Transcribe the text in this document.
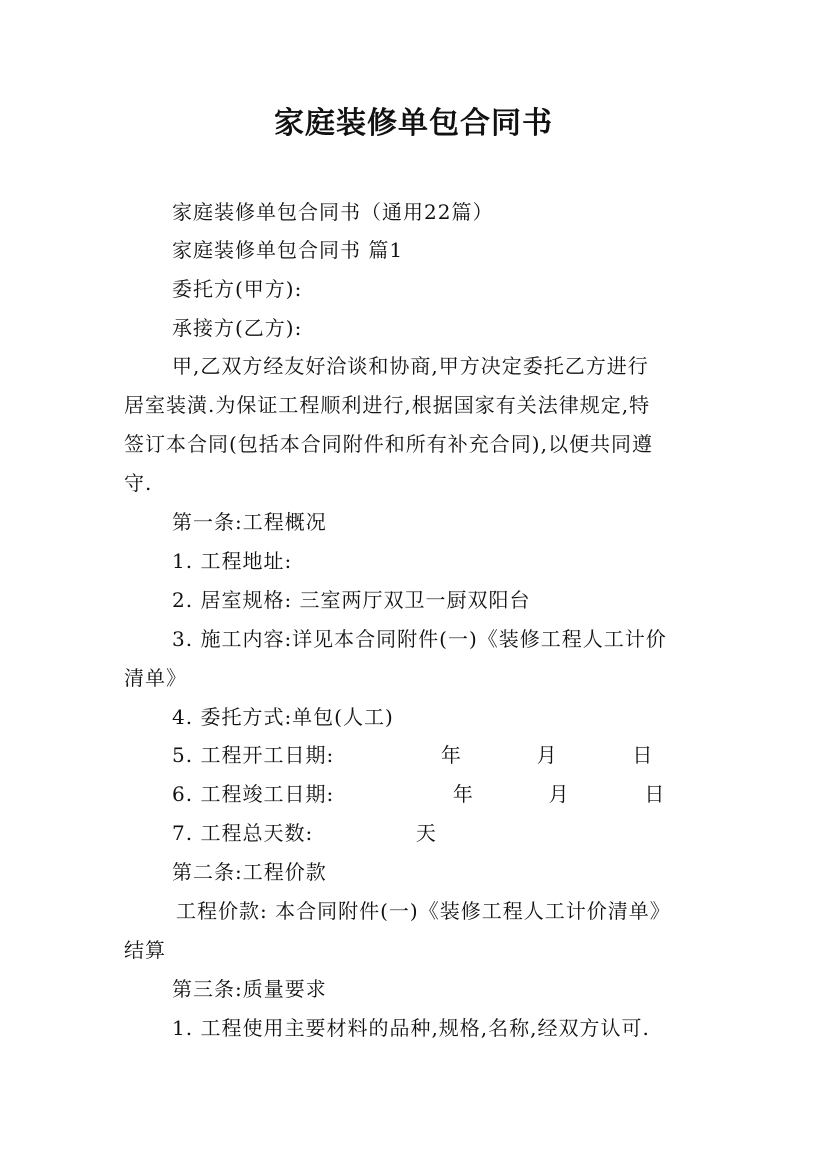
家庭装修单包合同书
家庭装修单包合同书（通用22篇）
家庭装修单包合同书 篇1
委托方(甲方):
承接方(乙方):
甲,乙双方经友好洽谈和协商,甲方决定委托乙方进行
居室装潢.为保证工程顺利进行,根据国家有关法律规定,特
签订本合同(包括本合同附件和所有补充合同),以便共同遵
守.
第一条:工程概况
1. 工程地址:
2. 居室规格: 三室两厅双卫一厨双阳台
3. 施工内容:详见本合同附件(一)《装修工程人工计价
清单》
4. 委托方式:单包(人工)
5. 工程开工日期:	年	月	日
6. 工程竣工日期:	年	月	日
7. 工程总天数:	天
第二条:工程价款
工程价款: 本合同附件(一)《装修工程人工计价清单》
结算
第三条:质量要求
1. 工程使用主要材料的品种,规格,名称,经双方认可.
